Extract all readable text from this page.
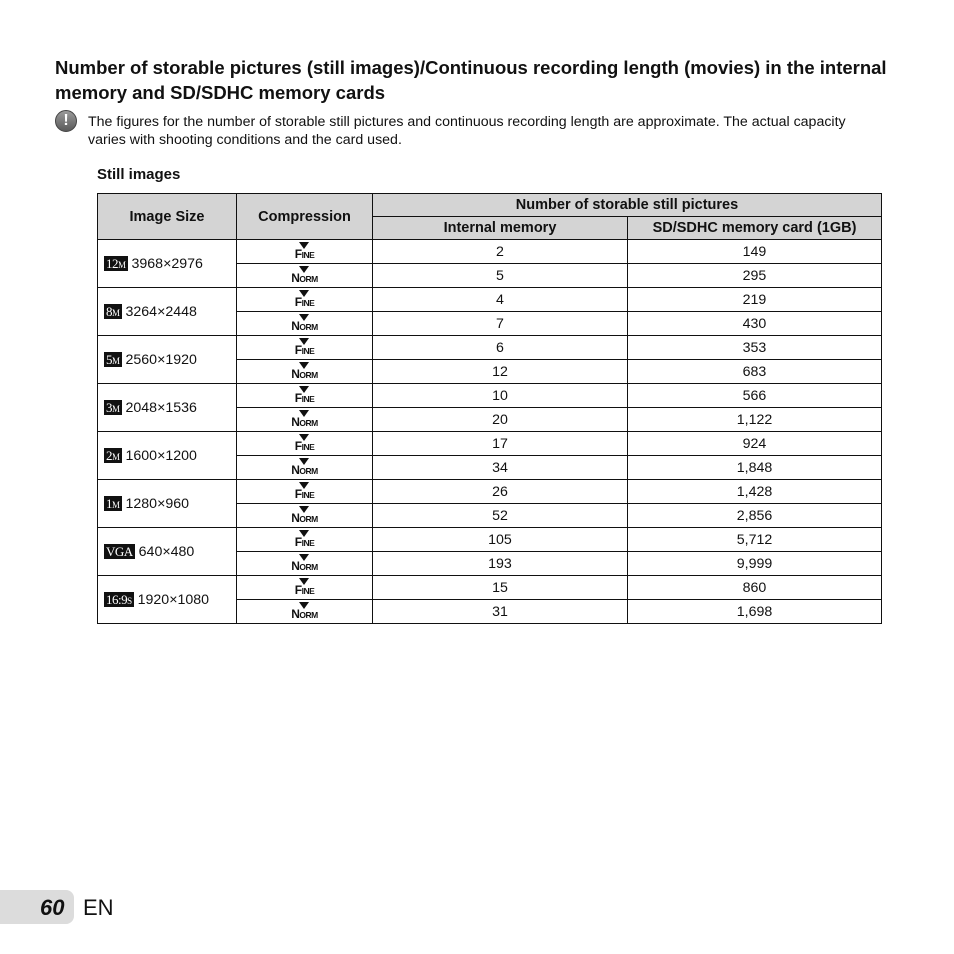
Number of storable pictures (still images)/Continuous recording length (movies) in the internal memory and SD/SDHC memory cards
!	The figures for the number of storable still pictures and continuous recording length are approximate. The actual capacity varies with shooting conditions and the card used.

Still images
Image Size	Compression	Number of storable still pictures	
		Internal memory	SD/SDHC memory card (1GB)
12M 3968×2976	FINE	2	149
	NORM	5	295
8M 3264×2448	FINE	4	219
	NORM	7	430
5M 2560×1920	FINE	6	353
	NORM	12	683
3M 2048×1536	FINE	10	566
	NORM	20	1,122
2M 1600×1200	FINE	17	924
	NORM	34	1,848
1M 1280×960	FINE	26	1,428
	NORM	52	2,856
VGA 640×480	FINE	105	5,712
	NORM	193	9,999
16:9S 1920×1080	FINE	15	860
	NORM	31	1,698
60 EN
